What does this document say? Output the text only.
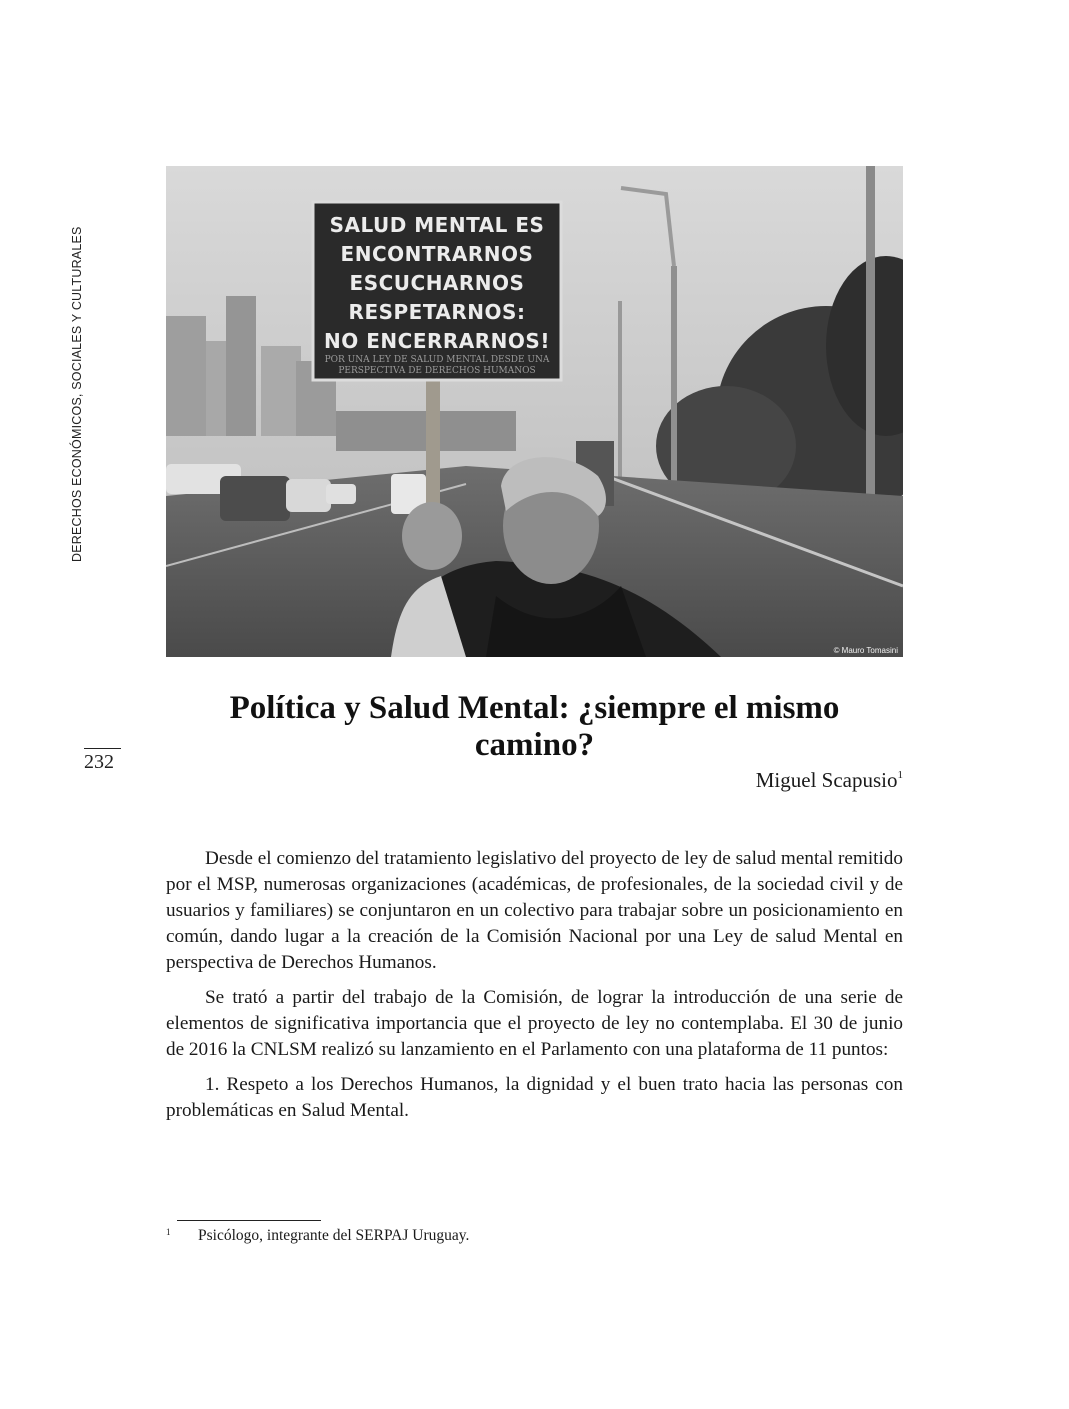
DERECHOS ECONÓMICOS, SOCIALES Y CULTURALES
232
SALUD MENTAL ES
ENCONTRARNOS
ESCUCHARNOS
RESPETARNOS:
NO ENCERRARNOS!
POR UNA LEY DE SALUD MENTAL DESDE UNA
PERSPECTIVA DE DERECHOS HUMANOS
© Mauro Tomasini
Política y Salud Mental: ¿siempre el mismo camino?
Miguel Scapusio$^1$

Desde el comienzo del tratamiento legislativo del proyecto de ley de salud mental remitido por el MSP, numerosas organizaciones (académicas, de profesionales, de la sociedad civil y de usuarios y familiares) se conjuntaron en un colectivo para trabajar sobre un posicionamiento en común, dando lugar a la creación de la Comisión Nacional por una Ley de salud Mental en perspectiva de Derechos Humanos.

Se trató a partir del trabajo de la Comisión, de lograr la introducción de una serie de elementos de significativa importancia que el proyecto de ley no contemplaba. El 30 de junio de 2016 la CNLSM realizó su lanzamiento en el Parlamento con una plataforma de 11 puntos:

1. Respeto a los Derechos Humanos, la dignidad y el buen trato hacia las personas con problemáticas en Salud Mental.

1 Psicólogo, integrante del SERPAJ Uruguay.
